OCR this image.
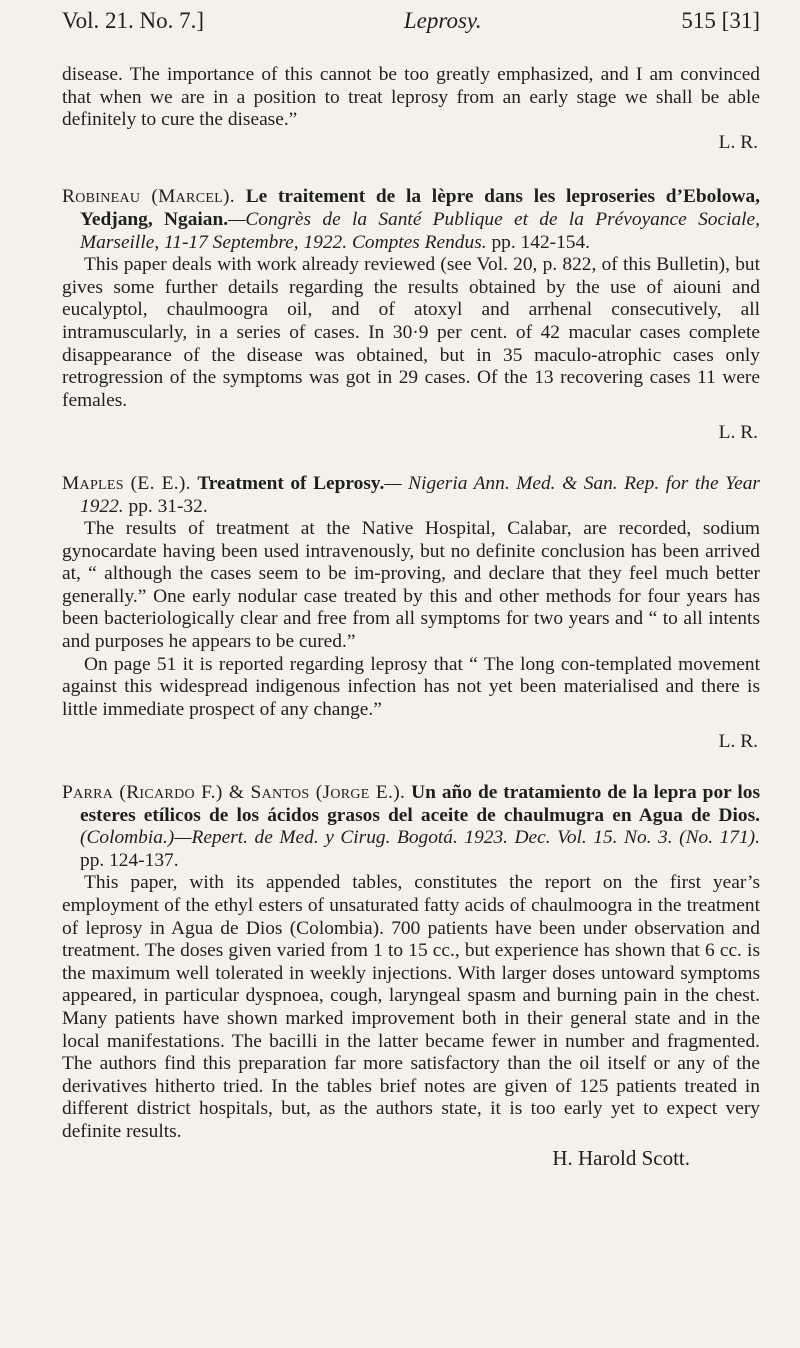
Vol. 21. No. 7.]	Leprosy.	515 [31]

disease. The importance of this cannot be too greatly emphasized, and I am convinced that when we are in a position to treat leprosy from an early stage we shall be able definitely to cure the disease.”

L. R.

Robineau (Marcel). Le traitement de la lèpre dans les leproseries d’Ebolowa, Yedjang, Ngaian.—Congrès de la Santé Publique et de la Prévoyance Sociale, Marseille, 11-17 Septembre, 1922. Comptes Rendus. pp. 142-154.

This paper deals with work already reviewed (see Vol. 20, p. 822, of this Bulletin), but gives some further details regarding the results obtained by the use of aiouni and eucalyptol, chaulmoogra oil, and of atoxyl and arrhenal consecutively, all intramuscularly, in a series of cases. In 30·9 per cent. of 42 macular cases complete disappearance of the disease was obtained, but in 35 maculo-atrophic cases only retrogression of the symptoms was got in 29 cases. Of the 13 recovering cases 11 were females.

L. R.

Maples (E. E.). Treatment of Leprosy.— Nigeria Ann. Med. & San. Rep. for the Year 1922. pp. 31-32.

The results of treatment at the Native Hospital, Calabar, are recorded, sodium gynocardate having been used intravenously, but no definite conclusion has been arrived at, “ although the cases seem to be im-proving, and declare that they feel much better generally.” One early nodular case treated by this and other methods for four years has been bacteriologically clear and free from all symptoms for two years and “ to all intents and purposes he appears to be cured.”

On page 51 it is reported regarding leprosy that “ The long con-templated movement against this widespread indigenous infection has not yet been materialised and there is little immediate prospect of any change.”

L. R.

Parra (Ricardo F.) & Santos (Jorge E.). Un año de tratamiento de la lepra por los esteres etílicos de los ácidos grasos del aceite de chaulmugra en Agua de Dios. (Colombia.)—Repert. de Med. y Cirug. Bogotá. 1923. Dec. Vol. 15. No. 3. (No. 171). pp. 124-137.

This paper, with its appended tables, constitutes the report on the first year’s employment of the ethyl esters of unsaturated fatty acids of chaulmoogra in the treatment of leprosy in Agua de Dios (Colombia). 700 patients have been under observation and treatment. The doses given varied from 1 to 15 cc., but experience has shown that 6 cc. is the maximum well tolerated in weekly injections. With larger doses untoward symptoms appeared, in particular dyspnoea, cough, laryngeal spasm and burning pain in the chest. Many patients have shown marked improvement both in their general state and in the local manifestations. The bacilli in the latter became fewer in number and fragmented. The authors find this preparation far more satisfactory than the oil itself or any of the derivatives hitherto tried. In the tables brief notes are given of 125 patients treated in different district hospitals, but, as the authors state, it is too early yet to expect very definite results.

H. Harold Scott.
